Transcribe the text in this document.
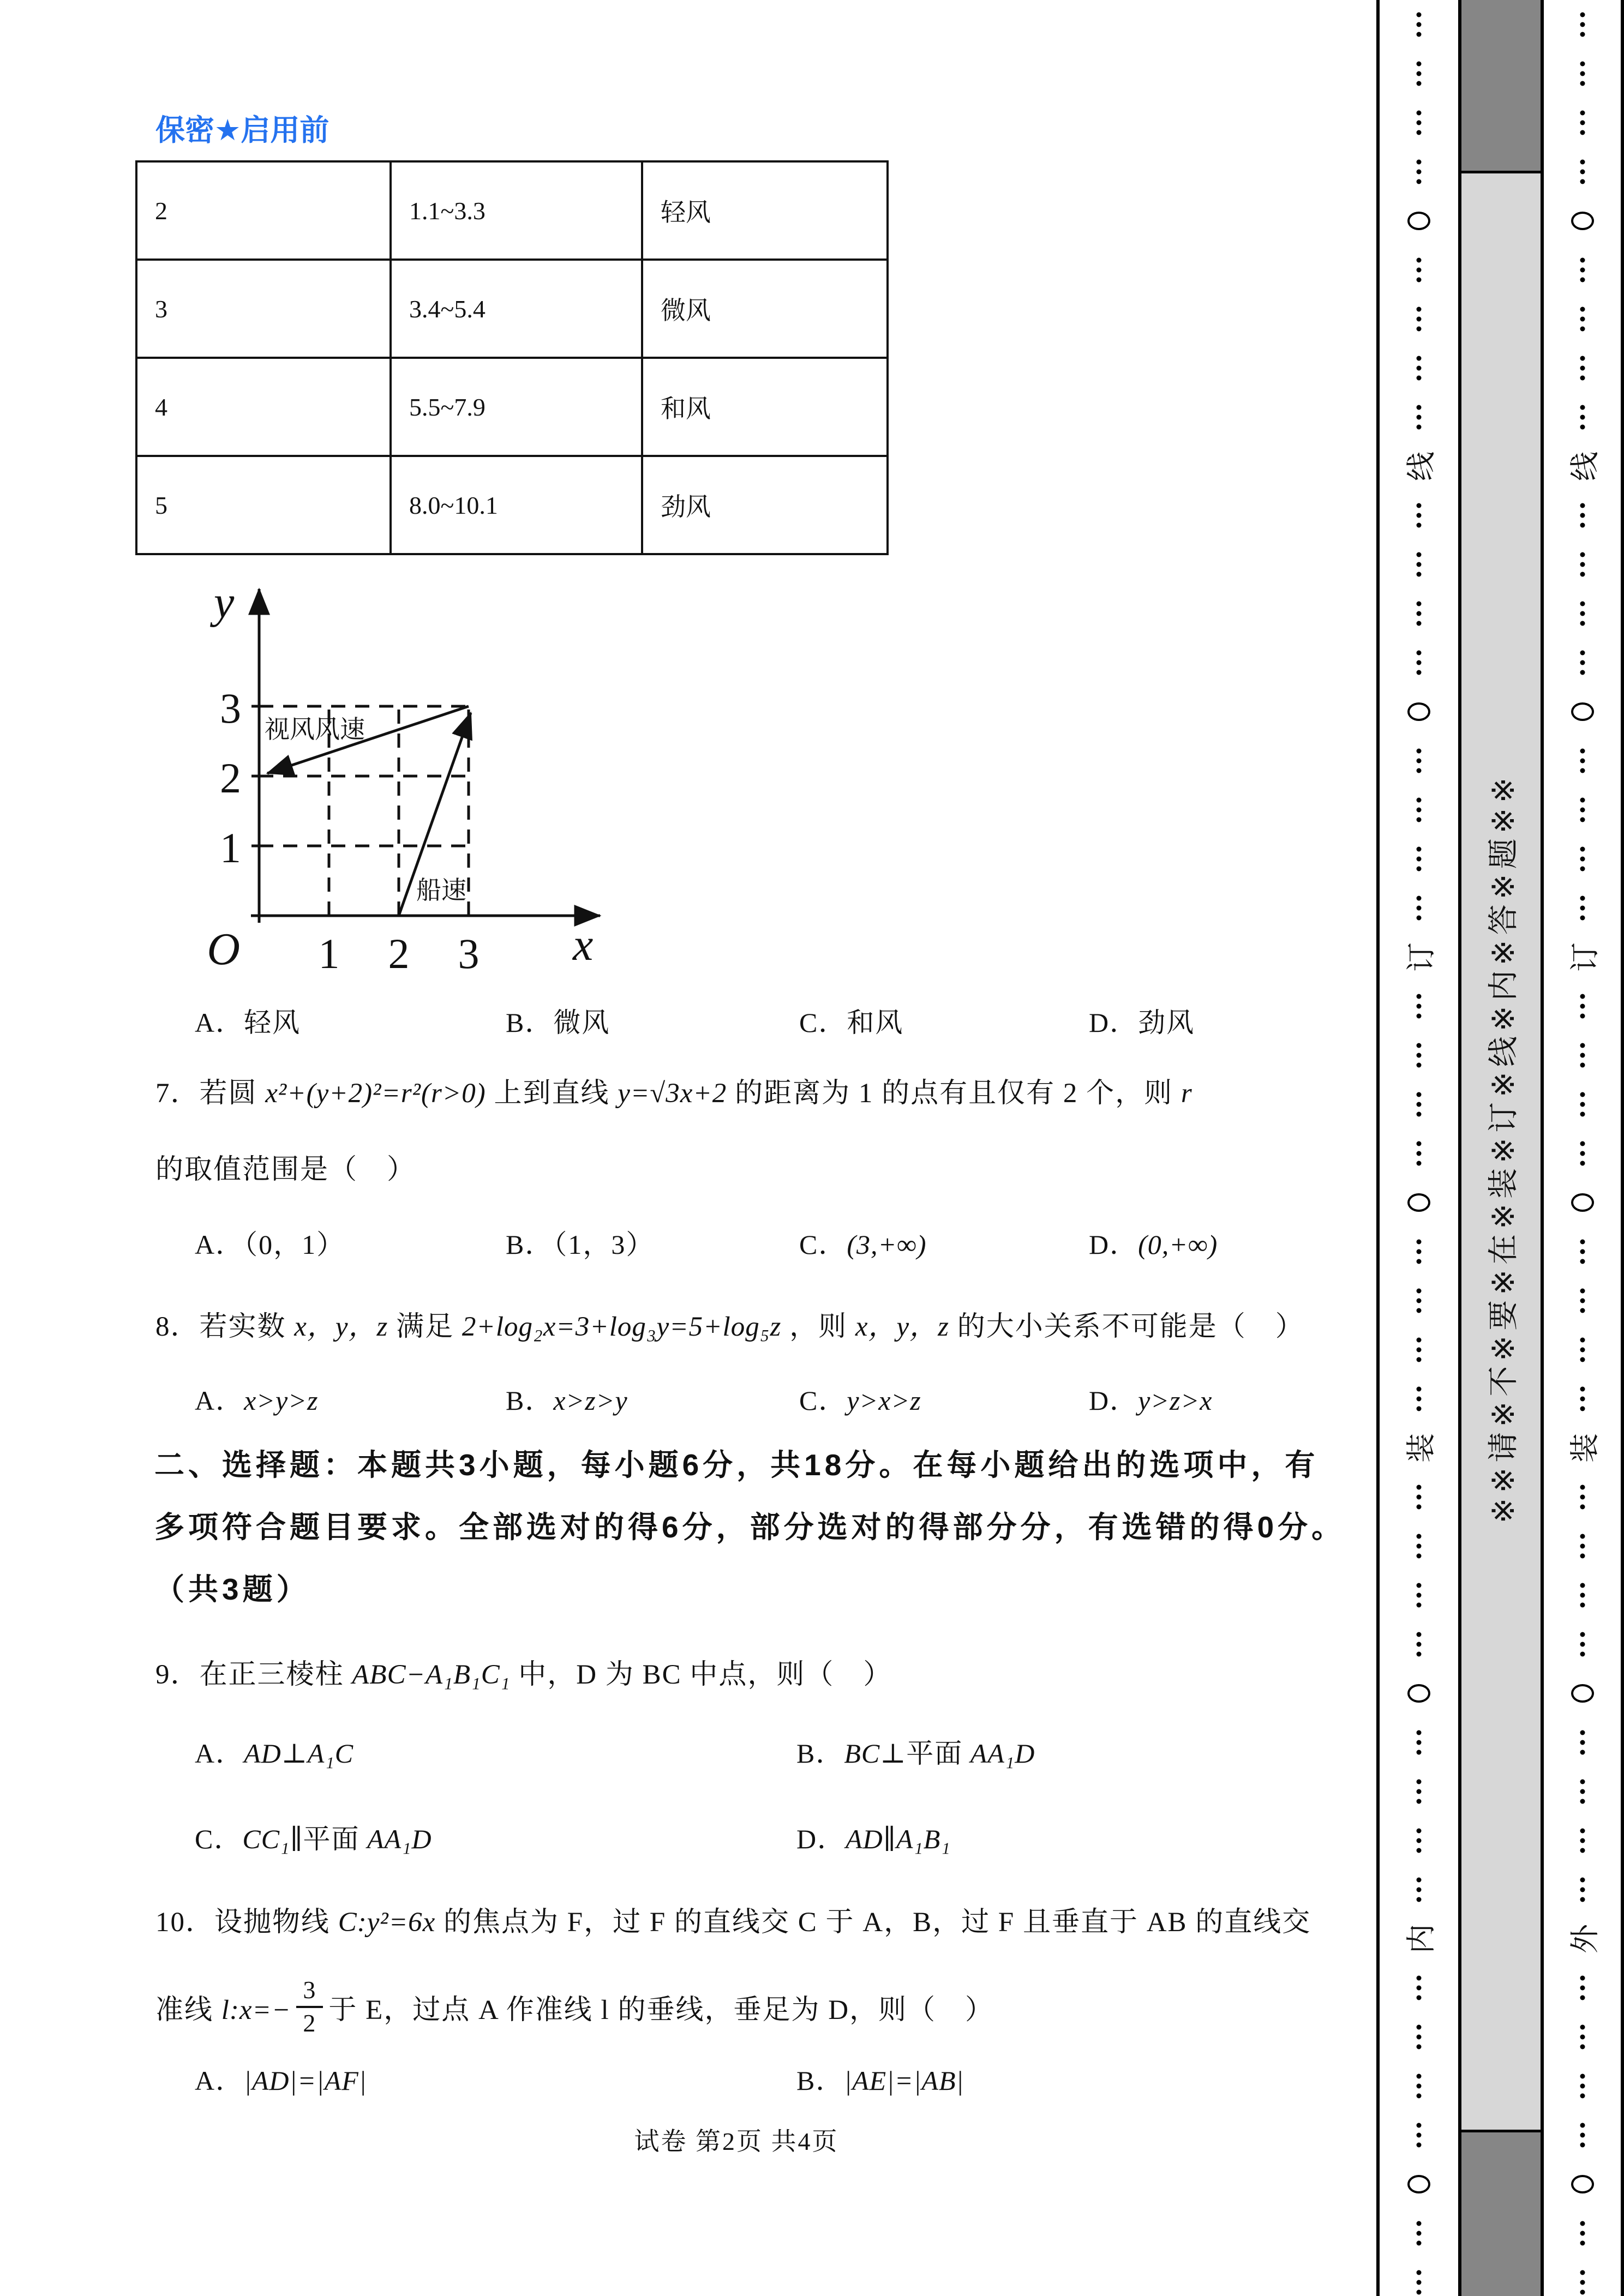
保密★启用前
2	1.1~3.3	轻风
3	3.4~5.4	微风
4	5.5~7.9	和风
5	8.0~10.1	劲风
y
x
O 1 2 3
1
2
3 视风风速
船速
A．轻风	B．微风	C．和风	D．劲风
7．若圆 x²+(y+2)²=r²(r>0) 上到直线 y=√3x+2 的距离为 1 的点有且仅有 2 个，则 r
的取值范围是（　）
A．（0，1）	B．（1，3）	C．(3,+∞)	D．(0,+∞)
8．若实数 x，y，z 满足 2+log₂x=3+log₃y=5+log₅z ，则 x，y，z 的大小关系不可能是（　）
A．x>y>z	B．x>z>y	C．y>x>z	D．y>z>x
二、选择题：本题共3小题，每小题6分，共18分。在每小题给出的选项中，有
多项符合题目要求。全部选对的得6分，部分选对的得部分分，有选错的得0分。
（共3题）
9．在正三棱柱 ABC−A₁B₁C₁ 中，D 为 BC 中点，则（　）
A．AD⊥A₁C	B．BC⊥平面 AA₁D
C．CC₁∥平面 AA₁D	D．AD∥A₁B₁
10．设抛物线 C:y²=6x 的焦点为 F，过 F 的直线交 C 于 A，B，过 F 且垂直于 AB 的直线交
准线 l:x=− $\frac{3}{2}$ 于 E，过点 A 作准线 l 的垂线，垂足为 D，则（　）
A．|AD|=|AF|	B．|AE|=|AB|
试卷 第2页 共4页
线
订
装
内
※※请※不※要※在※装※订※线※内※答※题※※
线
订
装
外
